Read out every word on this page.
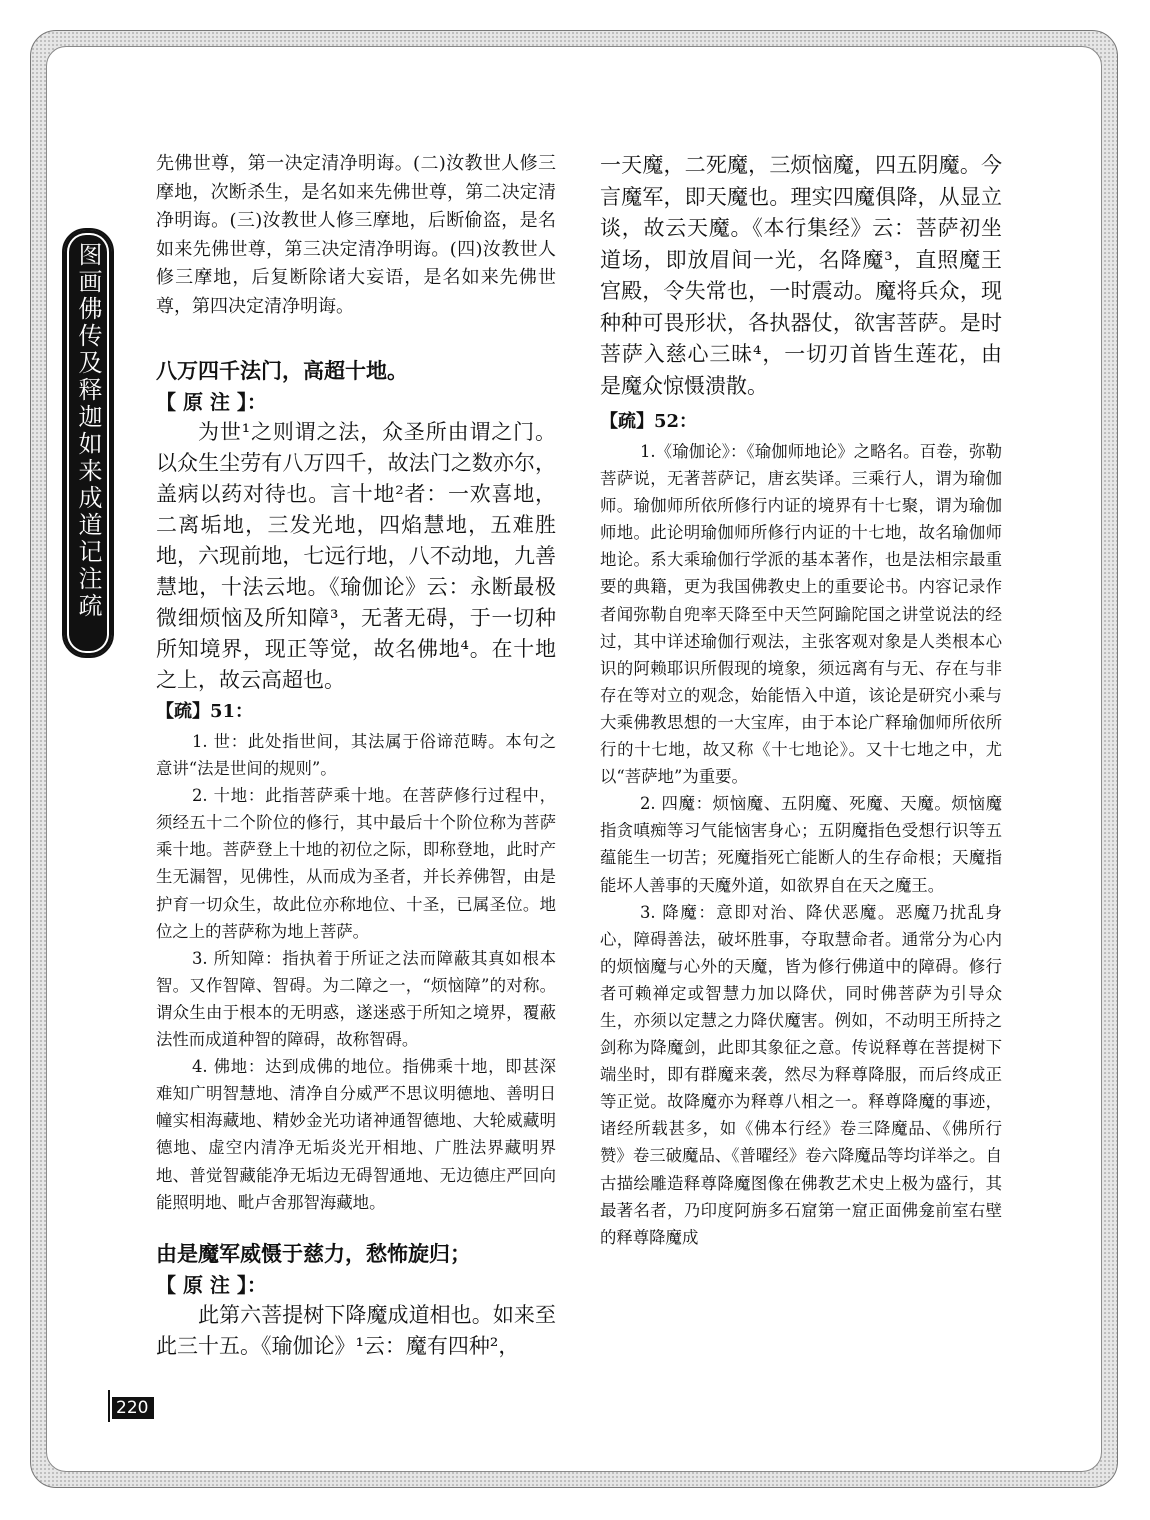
图画佛传及释迦如来成道记注疏

先佛世尊，第一决定清净明诲。(二)汝教世人修三摩地，次断杀生，是名如来先佛世尊，第二决定清净明诲。(三)汝教世人修三摩地，后断偷盗，是名如来先佛世尊，第三决定清净明诲。(四)汝教世人修三摩地，后复断除诸大妄语，是名如来先佛世尊，第四决定清净明诲。

八万四千法门，高超十地。
【 原 注 】：

为世¹之则谓之法，众圣所由谓之门。以众生尘劳有八万四千，故法门之数亦尔，盖病以药对待也。言十地²者：一欢喜地，二离垢地，三发光地，四焰慧地，五难胜地，六现前地，七远行地，八不动地，九善慧地，十法云地。《瑜伽论》云：永断最极微细烦恼及所知障³，无著无碍，于一切种所知境界，现正等觉，故名佛地⁴。在十地之上，故云高超也。

【疏】51：

1. 世：此处指世间，其法属于俗谛范畴。本句之意讲“法是世间的规则”。

2. 十地：此指菩萨乘十地。在菩萨修行过程中，须经五十二个阶位的修行，其中最后十个阶位称为菩萨乘十地。菩萨登上十地的初位之际，即称登地，此时产生无漏智，见佛性，从而成为圣者，并长养佛智，由是护育一切众生，故此位亦称地位、十圣，已属圣位。地位之上的菩萨称为地上菩萨。

3. 所知障：指执着于所证之法而障蔽其真如根本智。又作智障、智碍。为二障之一，“烦恼障”的对称。谓众生由于根本的无明惑，遂迷惑于所知之境界，覆蔽法性而成道种智的障碍，故称智碍。

4. 佛地：达到成佛的地位。指佛乘十地，即甚深难知广明智慧地、清净自分威严不思议明德地、善明日幢实相海藏地、精妙金光功诸神通智德地、大轮威藏明德地、虚空内清净无垢炎光开相地、广胜法界藏明界地、普觉智藏能净无垢边无碍智通地、无边德庄严回向能照明地、毗卢舍那智海藏地。

由是魔军威慑于慈力，愁怖旋归；
【 原 注 】：

此第六菩提树下降魔成道相也。如来至此三十五。《瑜伽论》¹云：魔有四种²，

一天魔，二死魔，三烦恼魔，四五阴魔。今言魔军，即天魔也。理实四魔俱降，从显立谈，故云天魔。《本行集经》云：菩萨初坐道场，即放眉间一光，名降魔³，直照魔王宫殿，令失常也，一时震动。魔将兵众，现种种可畏形状，各执器仗，欲害菩萨。是时菩萨入慈心三昧⁴，一切刃首皆生莲花，由是魔众惊慑溃散。

【疏】52：

1.《瑜伽论》：《瑜伽师地论》之略名。百卷，弥勒菩萨说，无著菩萨记，唐玄奘译。三乘行人，谓为瑜伽师。瑜伽师所依所修行内证的境界有十七聚，谓为瑜伽师地。此论明瑜伽师所修行内证的十七地，故名瑜伽师地论。系大乘瑜伽行学派的基本著作，也是法相宗最重要的典籍，更为我国佛教史上的重要论书。内容记录作者闻弥勒自兜率天降至中天竺阿踰陀国之讲堂说法的经过，其中详述瑜伽行观法，主张客观对象是人类根本心识的阿赖耶识所假现的境象，须远离有与无、存在与非存在等对立的观念，始能悟入中道，该论是研究小乘与大乘佛教思想的一大宝库，由于本论广释瑜伽师所依所行的十七地，故又称《十七地论》。又十七地之中，尤以“菩萨地”为重要。

2. 四魔：烦恼魔、五阴魔、死魔、天魔。烦恼魔指贪嗔痴等习气能恼害身心；五阴魔指色受想行识等五蕴能生一切苦；死魔指死亡能断人的生存命根；天魔指能坏人善事的天魔外道，如欲界自在天之魔王。

3. 降魔：意即对治、降伏恶魔。恶魔乃扰乱身心，障碍善法，破坏胜事，夺取慧命者。通常分为心内的烦恼魔与心外的天魔，皆为修行佛道中的障碍。修行者可赖禅定或智慧力加以降伏，同时佛菩萨为引导众生，亦须以定慧之力降伏魔害。例如，不动明王所持之剑称为降魔剑，此即其象征之意。传说释尊在菩提树下端坐时，即有群魔来袭，然尽为释尊降服，而后终成正等正觉。故降魔亦为释尊八相之一。释尊降魔的事迹，诸经所载甚多，如《佛本行经》卷三降魔品、《佛所行赞》卷三破魔品、《普曜经》卷六降魔品等均详举之。自古描绘雕造释尊降魔图像在佛教艺术史上极为盛行，其最著名者，乃印度阿旃多石窟第一窟正面佛龛前室右壁的释尊降魔成

220
